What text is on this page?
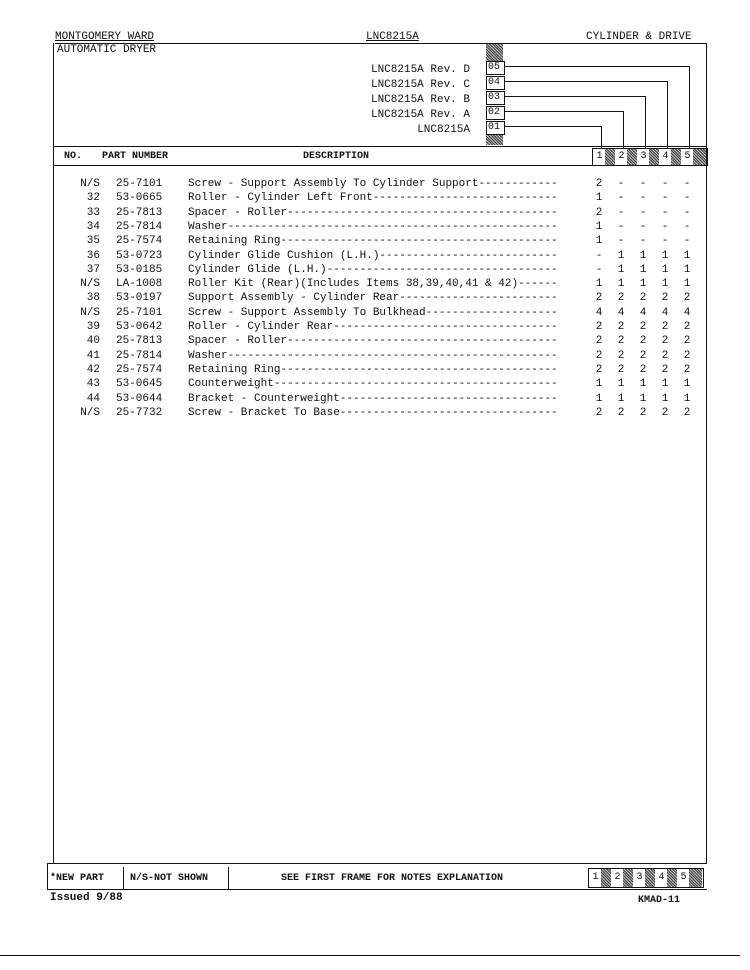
MONTGOMERY WARD	LNC8215A	CYLINDER & DRIVE
AUTOMATIC DRYER
LNC8215A Rev. D
LNC8215A Rev. C
LNC8215A Rev. B
LNC8215A Rev. A
LNC8215A
05
04
03
02
01
NO. PART NUMBER	DESCRIPTION	1 2 3 4 5
N/S 25-7101 Screw - Support Assembly To Cylinder Support------------	2 - - - -
32 53-0665 Roller - Cylinder Left Front----------------------------	1 - - - -
33 25-7813 Spacer - Roller-----------------------------------------	2 - - - -
34 25-7814 Washer--------------------------------------------------	1 - - - -
35 25-7574 Retaining Ring------------------------------------------	1 - - - -
36 53-0723 Cylinder Glide Cushion (L.H.)---------------------------	- 1 1 1 1
37 53-0185 Cylinder Glide (L.H.)-----------------------------------	- 1 1 1 1
N/S LA-1008 Roller Kit (Rear)(Includes Items 38,39,40,41 & 42)------	1 1 1 1 1
38 53-0197 Support Assembly - Cylinder Rear------------------------	2 2 2 2 2
N/S 25-7101 Screw - Support Assembly To Bulkhead--------------------	4 4 4 4 4
39 53-0642 Roller - Cylinder Rear----------------------------------	2 2 2 2 2
40 25-7813 Spacer - Roller-----------------------------------------	2 2 2 2 2
41 25-7814 Washer--------------------------------------------------	2 2 2 2 2
42 25-7574 Retaining Ring------------------------------------------	2 2 2 2 2
43 53-0645 Counterweight-------------------------------------------	1 1 1 1 1
44 53-0644 Bracket - Counterweight---------------------------------	1 1 1 1 1
N/S 25-7732 Screw - Bracket To Base---------------------------------	2 2 2 2 2
*NEW PART	N/S-NOT SHOWN	SEE FIRST FRAME FOR NOTES EXPLANATION	1 2 3 4 5
Issued 9/88	KMAD-11
